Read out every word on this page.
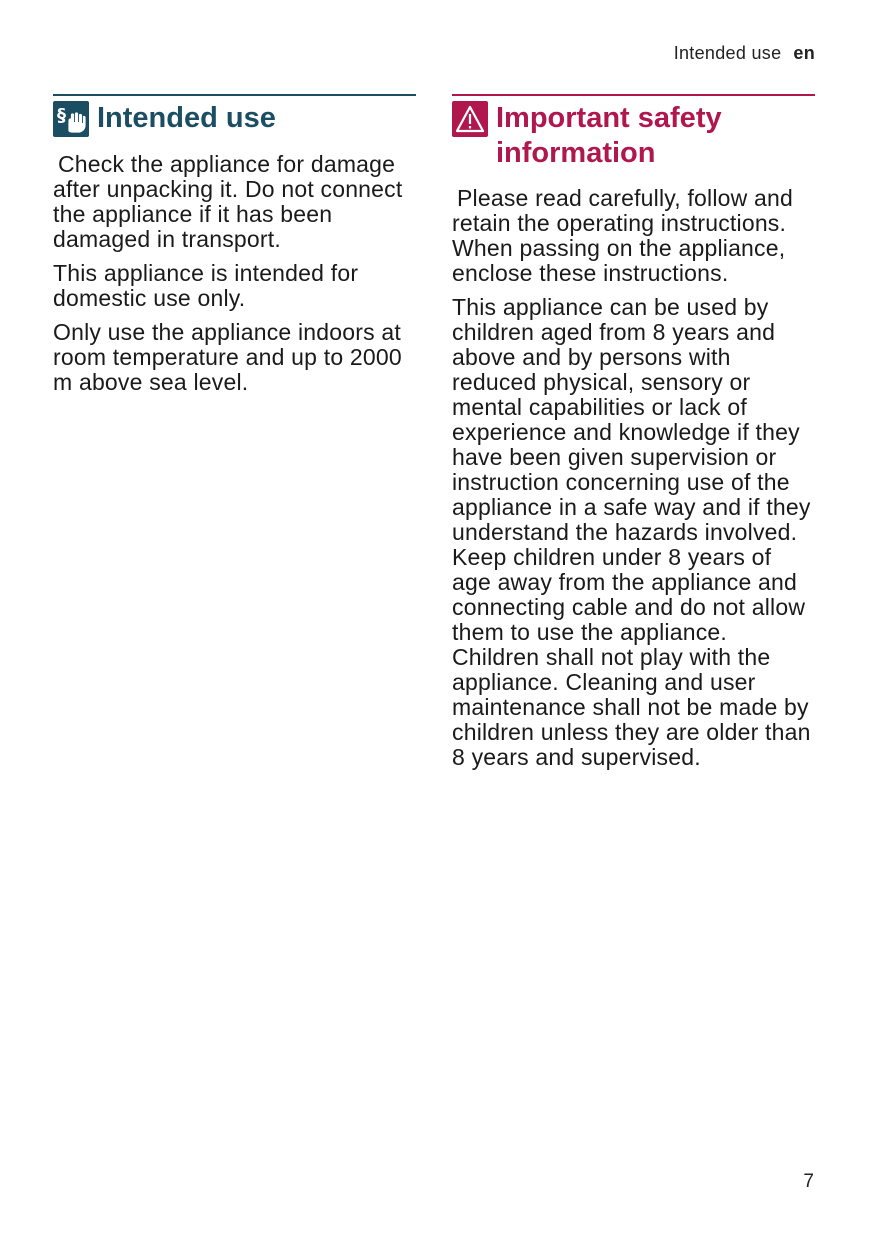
Intended use en
§ Intended use

Check the appliance for damage after unpacking it. Do not connect the appliance if it has been damaged in transport.

This appliance is intended for domestic use only.

Only use the appliance indoors at room temperature and up to 2000 m above sea level.

Important safety information

Please read carefully, follow and retain the operating instructions. When passing on the appliance, enclose these instructions.

This appliance can be used by children aged from 8 years and above and by persons with reduced physical, sensory or mental capabilities or lack of experience and knowledge if they have been given supervision or instruction concerning use of the appliance in a safe way and if they understand the hazards involved. Keep children under 8 years of age away from the appliance and connecting cable and do not allow them to use the appliance. Children shall not play with the appliance. Cleaning and user maintenance shall not be made by children unless they are older than 8 years and supervised.

7
